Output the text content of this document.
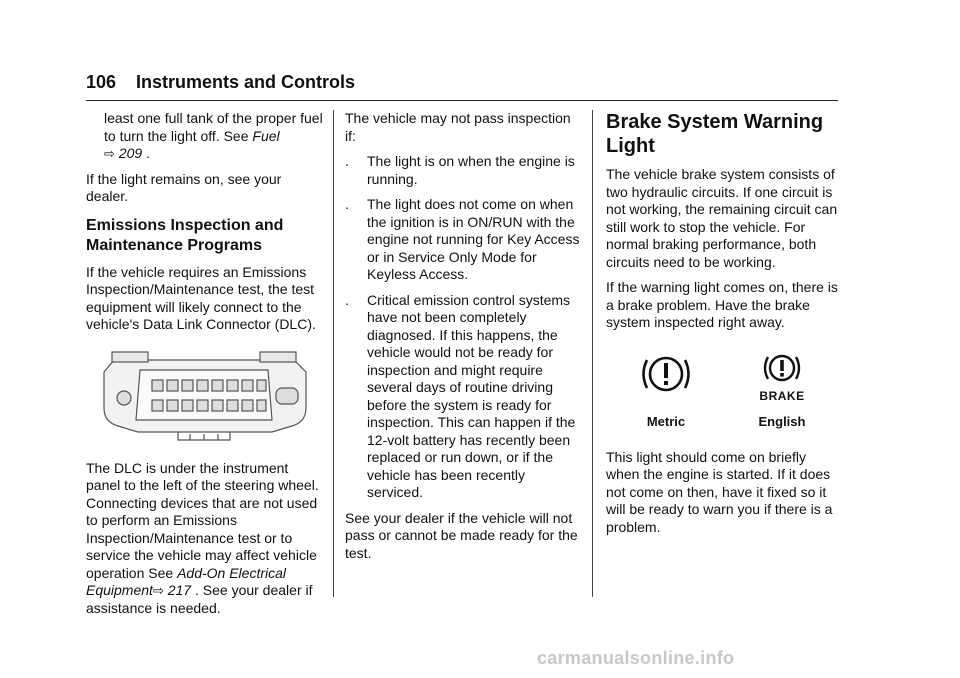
106 Instruments and Controls

least one full tank of the proper fuel to turn the light off. See Fuel
⇨ 209 .

If the light remains on, see your dealer.

Emissions Inspection and Maintenance Programs

If the vehicle requires an Emissions Inspection/Maintenance test, the test equipment will likely connect to the vehicle's Data Link Connector (DLC).

The DLC is under the instrument panel to the left of the steering wheel. Connecting devices that are not used to perform an Emissions Inspection/Maintenance test or to service the vehicle may affect vehicle operation See Add-On Electrical Equipment⇨ 217 . See your dealer if assistance is needed.

The vehicle may not pass inspection if:

.	The light is on when the engine is running.
.	The light does not come on when the ignition is in ON/RUN with the engine not running for Key Access or in Service Only Mode for Keyless Access.
.	Critical emission control systems have not been completely diagnosed. If this happens, the vehicle would not be ready for inspection and might require several days of routine driving before the system is ready for inspection. This can happen if the 12-volt battery has recently been replaced or run down, or if the vehicle has been recently serviced.

See your dealer if the vehicle will not pass or cannot be made ready for the test.

Brake System Warning Light

The vehicle brake system consists of two hydraulic circuits. If one circuit is not working, the remaining circuit can still work to stop the vehicle. For normal braking performance, both circuits need to be working.

If the warning light comes on, there is a brake problem. Have the brake system inspected right away.

BRAKE
Metric	English

This light should come on briefly when the engine is started. If it does not come on then, have it fixed so it will be ready to warn you if there is a problem.

carmanualsonline.info
